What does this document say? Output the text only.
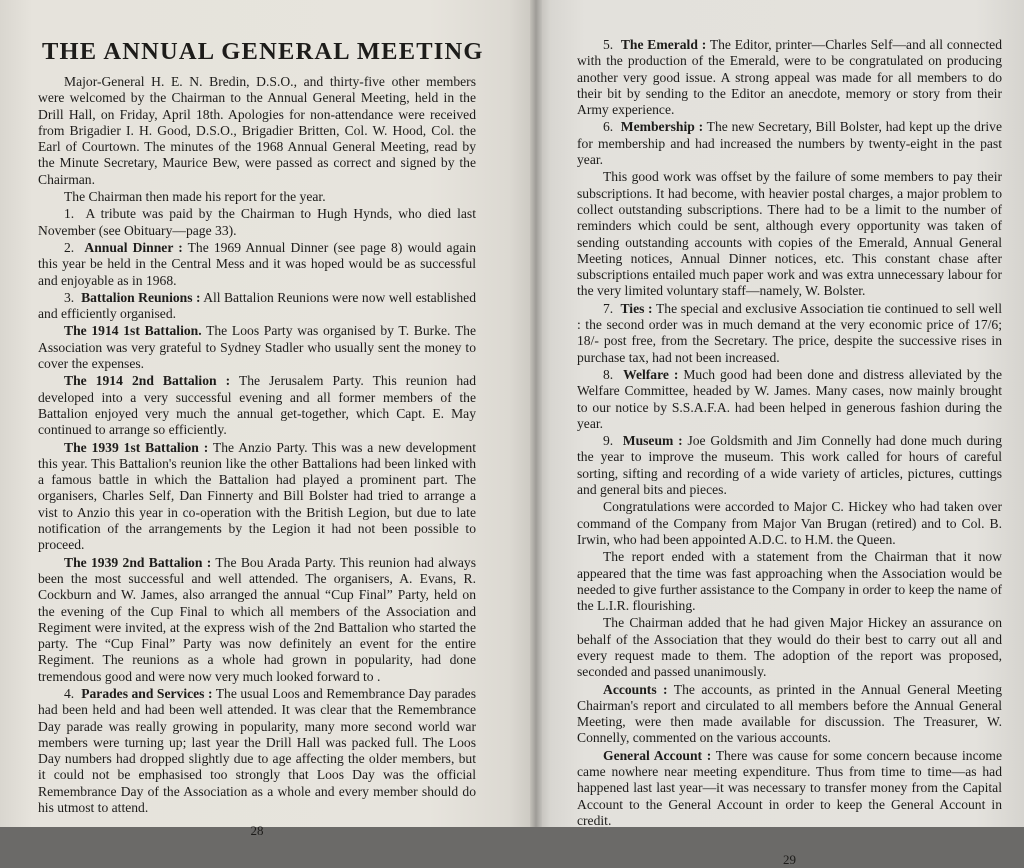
THE ANNUAL GENERAL MEETING

Major-General H. E. N. Bredin, D.S.O., and thirty-five other members were welcomed by the Chairman to the Annual General Meeting, held in the Drill Hall, on Friday, April 18th. Apologies for non-attendance were received from Brigadier I. H. Good, D.S.O., Brigadier Britten, Col. W. Hood, Col. the Earl of Courtown. The minutes of the 1968 Annual General Meeting, read by the Minute Secretary, Maurice Bew, were passed as correct and signed by the Chairman.

The Chairman then made his report for the year.

1. A tribute was paid by the Chairman to Hugh Hynds, who died last November (see Obituary—page 33).

2. Annual Dinner : The 1969 Annual Dinner (see page 8) would again this year be held in the Central Mess and it was hoped would be as successful and enjoyable as in 1968.

3. Battalion Reunions : All Battalion Reunions were now well established and efficiently organised.

The 1914 1st Battalion. The Loos Party was organised by T. Burke. The Association was very grateful to Sydney Stadler who usually sent the money to cover the expenses.

The 1914 2nd Battalion : The Jerusalem Party. This reunion had developed into a very successful evening and all former members of the Battalion enjoyed very much the annual get-together, which Capt. E. May continued to arrange so efficiently.

The 1939 1st Battalion : The Anzio Party. This was a new development this year. This Battalion's reunion like the other Battalions had been linked with a famous battle in which the Battalion had played a prominent part. The organisers, Charles Self, Dan Finnerty and Bill Bolster had tried to arrange a vist to Anzio this year in co-operation with the British Legion, but due to late notification of the arrangements by the Legion it had not been possible to proceed.

The 1939 2nd Battalion : The Bou Arada Party. This reunion had always been the most successful and well attended. The organisers, A. Evans, R. Cockburn and W. James, also arranged the annual “Cup Final” Party, held on the evening of the Cup Final to which all members of the Association and Regiment were invited, at the express wish of the 2nd Battalion who started the party. The “Cup Final” Party was now definitely an event for the entire Regiment. The reunions as a whole had grown in popularity, had done tremendous good and were now very much looked forward to .

4. Parades and Services : The usual Loos and Remembrance Day parades had been held and had been well attended. It was clear that the Remembrance Day parade was really growing in popularity, many more second world war members were turning up; last year the Drill Hall was packed full. The Loos Day numbers had dropped slightly due to age affecting the older members, but it could not be emphasised too strongly that Loos Day was the official Remembrance Day of the Association as a whole and every member should do his utmost to attend.

28

5. The Emerald : The Editor, printer—Charles Self—and all connected with the production of the Emerald, were to be congratulated on producing another very good issue. A strong appeal was made for all members to do their bit by sending to the Editor an anecdote, memory or story from their Army experience.

6. Membership : The new Secretary, Bill Bolster, had kept up the drive for membership and had increased the numbers by twenty-eight in the past year.

This good work was offset by the failure of some members to pay their subscriptions. It had become, with heavier postal charges, a major problem to collect outstanding subscriptions. There had to be a limit to the number of reminders which could be sent, although every opportunity was taken of sending outstanding accounts with copies of the Emerald, Annual General Meeting notices, Annual Dinner notices, etc. This constant chase after subscriptions entailed much paper work and was extra unnecessary labour for the very limited voluntary staff—namely, W. Bolster.

7. Ties : The special and exclusive Association tie continued to sell well : the second order was in much demand at the very economic price of 17/6; 18/- post free, from the Secretary. The price, despite the successive rises in purchase tax, had not been increased.

8. Welfare : Much good had been done and distress alleviated by the Welfare Committee, headed by W. James. Many cases, now mainly brought to our notice by S.S.A.F.A. had been helped in generous fashion during the year.

9. Museum : Joe Goldsmith and Jim Connelly had done much during the year to improve the museum. This work called for hours of careful sorting, sifting and recording of a wide variety of articles, pictures, cuttings and general bits and pieces.

Congratulations were accorded to Major C. Hickey who had taken over command of the Company from Major Van Brugan (retired) and to Col. B. Irwin, who had been appointed A.D.C. to H.M. the Queen.

The report ended with a statement from the Chairman that it now appeared that the time was fast approaching when the Association would be needed to give further assistance to the Company in order to keep the name of the L.I.R. flourishing.

The Chairman added that he had given Major Hickey an assurance on behalf of the Association that they would do their best to carry out all and every request made to them. The adoption of the report was proposed, seconded and passed unanimously.

Accounts : The accounts, as printed in the Annual General Meeting Chairman's report and circulated to all members before the Annual General Meeting, were then made available for discussion. The Treasurer, W. Connelly, commented on the various accounts.

General Account : There was cause for some concern because income came nowhere near meeting expenditure. Thus from time to time—as had happened last last year—it was necessary to transfer money from the Capital Account to the General Account in order to keep the General Account in credit.

29
